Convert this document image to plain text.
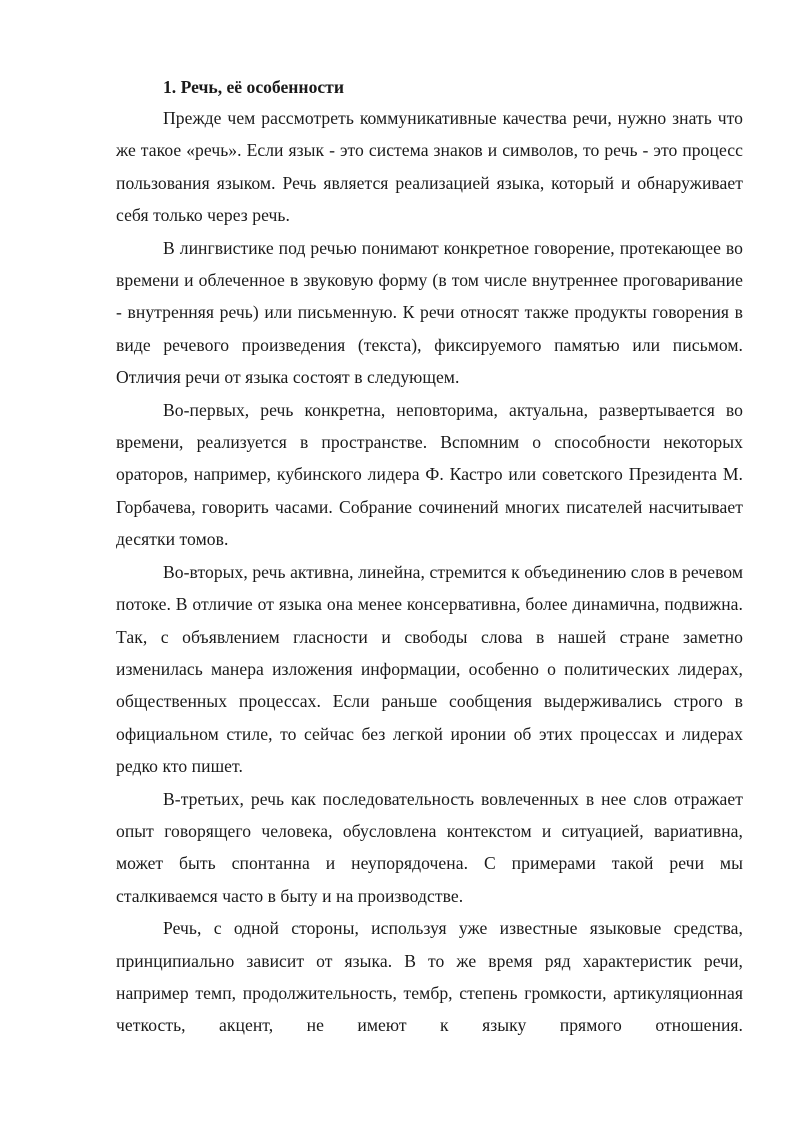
1. Речь, её особенности

Прежде чем рассмотреть коммуникативные качества речи, нужно знать что же такое «речь». Если язык - это система знаков и символов, то речь - это процесс пользования языком. Речь является реализацией языка, который и обнаруживает себя только через речь.

В лингвистике под речью понимают конкретное говорение, протекающее во времени и облеченное в звуковую форму (в том числе внутреннее проговаривание - внутренняя речь) или письменную. К речи относят также продукты говорения в виде речевого произведения (текста), фиксируемого памятью или письмом. Отличия речи от языка состоят в следующем.

Во-первых, речь конкретна, неповторима, актуальна, развертывается во времени, реализуется в пространстве. Вспомним о способности некоторых ораторов, например, кубинского лидера Ф. Кастро или советского Президента М. Горбачева, говорить часами. Собрание сочинений многих писателей насчитывает десятки томов.

Во-вторых, речь активна, линейна, стремится к объединению слов в речевом потоке. В отличие от языка она менее консервативна, более динамична, подвижна. Так, с объявлением гласности и свободы слова в нашей стране заметно изменилась манера изложения информации, особенно о политических лидерах, общественных процессах. Если раньше сообщения выдерживались строго в официальном стиле, то сейчас без легкой иронии об этих процессах и лидерах редко кто пишет.

В-третьих, речь как последовательность вовлеченных в нее слов отражает опыт говорящего человека, обусловлена контекстом и ситуацией, вариативна, может быть спонтанна и неупорядочена. С примерами такой речи мы сталкиваемся часто в быту и на производстве.

Речь, с одной стороны, используя уже известные языковые средства, принципиально зависит от языка. В то же время ряд характеристик речи, например темп, продолжительность, тембр, степень громкости, артикуляционная четкость, акцент, не имеют к языку прямого отношения.
